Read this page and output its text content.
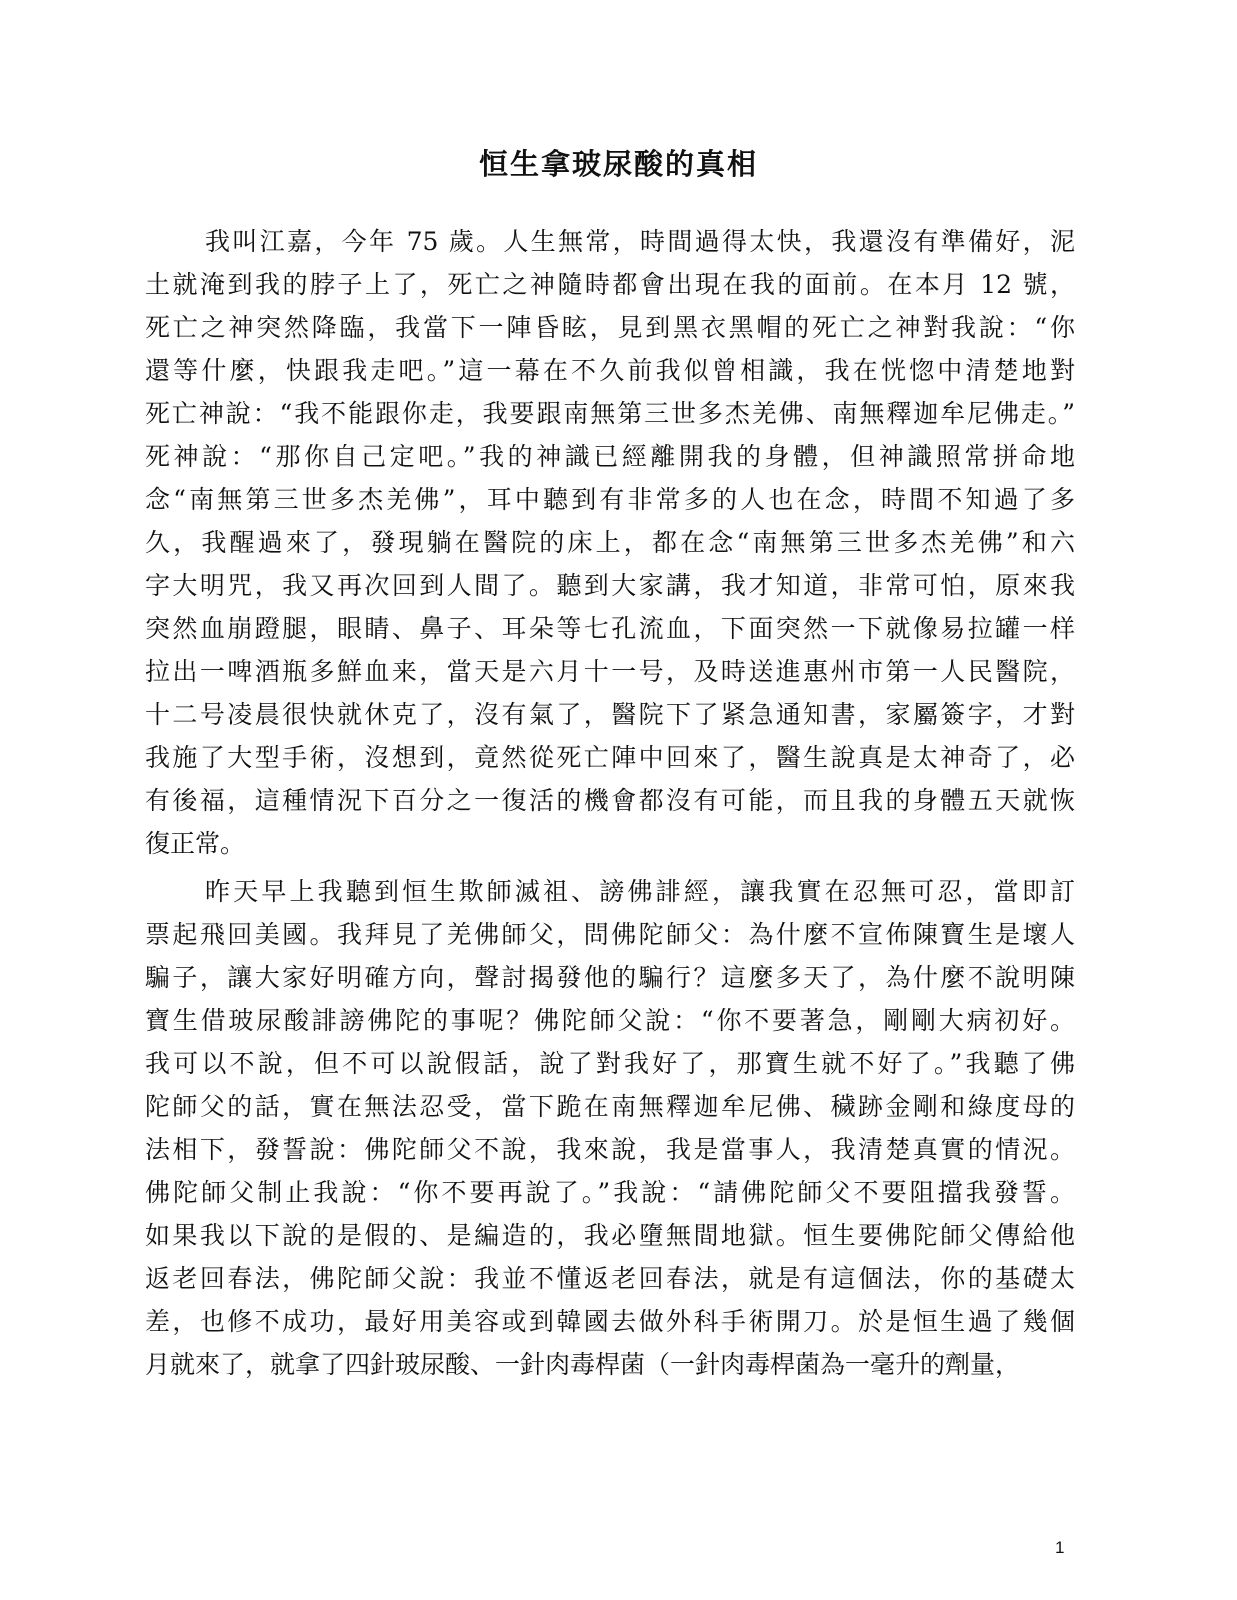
恒生拿玻尿酸的真相

我叫江嘉，今年 75 歲。人生無常，時間過得太快，我還沒有準備好，泥
土就淹到我的脖子上了，死亡之神隨時都會出現在我的面前。在本月 12 號，
死亡之神突然降臨，我當下一陣昏眩，見到黑衣黑帽的死亡之神對我說：“你
還等什麼，快跟我走吧。”這一幕在不久前我似曾相識，我在恍惚中清楚地對
死亡神說：“我不能跟你走，我要跟南無第三世多杰羌佛、南無釋迦牟尼佛走。”
死神說：“那你自己定吧。”我的神識已經離開我的身體，但神識照常拼命地
念“南無第三世多杰羌佛”，耳中聽到有非常多的人也在念，時間不知過了多
久，我醒過來了，發現躺在醫院的床上，都在念“南無第三世多杰羌佛”和六
字大明咒，我又再次回到人間了。聽到大家講，我才知道，非常可怕，原來我
突然血崩蹬腿，眼睛、鼻子、耳朵等七孔流血，下面突然一下就像易拉罐一样
拉出一啤酒瓶多鮮血来，當天是六月十一号，及時送進惠州市第一人民醫院，
十二号凌晨很快就休克了，沒有氣了，醫院下了紧急通知書，家屬簽字，才對
我施了大型手術，沒想到，竟然從死亡陣中回來了，醫生說真是太神奇了，必
有後福，這種情況下百分之一復活的機會都沒有可能，而且我的身體五天就恢
復正常。

昨天早上我聽到恒生欺師滅祖、謗佛誹經，讓我實在忍無可忍，當即訂
票起飛回美國。我拜見了羌佛師父，問佛陀師父：為什麼不宣佈陳寶生是壞人
騙子，讓大家好明確方向，聲討揭發他的騙行？這麼多天了，為什麼不說明陳
寶生借玻尿酸誹謗佛陀的事呢？佛陀師父說：“你不要著急，剛剛大病初好。
我可以不說，但不可以說假話，說了對我好了，那寶生就不好了。”我聽了佛
陀師父的話，實在無法忍受，當下跪在南無釋迦牟尼佛、穢跡金剛和綠度母的
法相下，發誓說：佛陀師父不說，我來說，我是當事人，我清楚真實的情況。
佛陀師父制止我說：“你不要再說了。”我說：“請佛陀師父不要阻擋我發誓。
如果我以下說的是假的、是編造的，我必墮無間地獄。恒生要佛陀師父傳給他
返老回春法，佛陀師父說：我並不懂返老回春法，就是有這個法，你的基礎太
差，也修不成功，最好用美容或到韓國去做外科手術開刀。於是恒生過了幾個
月就來了，就拿了四針玻尿酸、一針肉毒桿菌（一針肉毒桿菌為一毫升的劑量，

1
